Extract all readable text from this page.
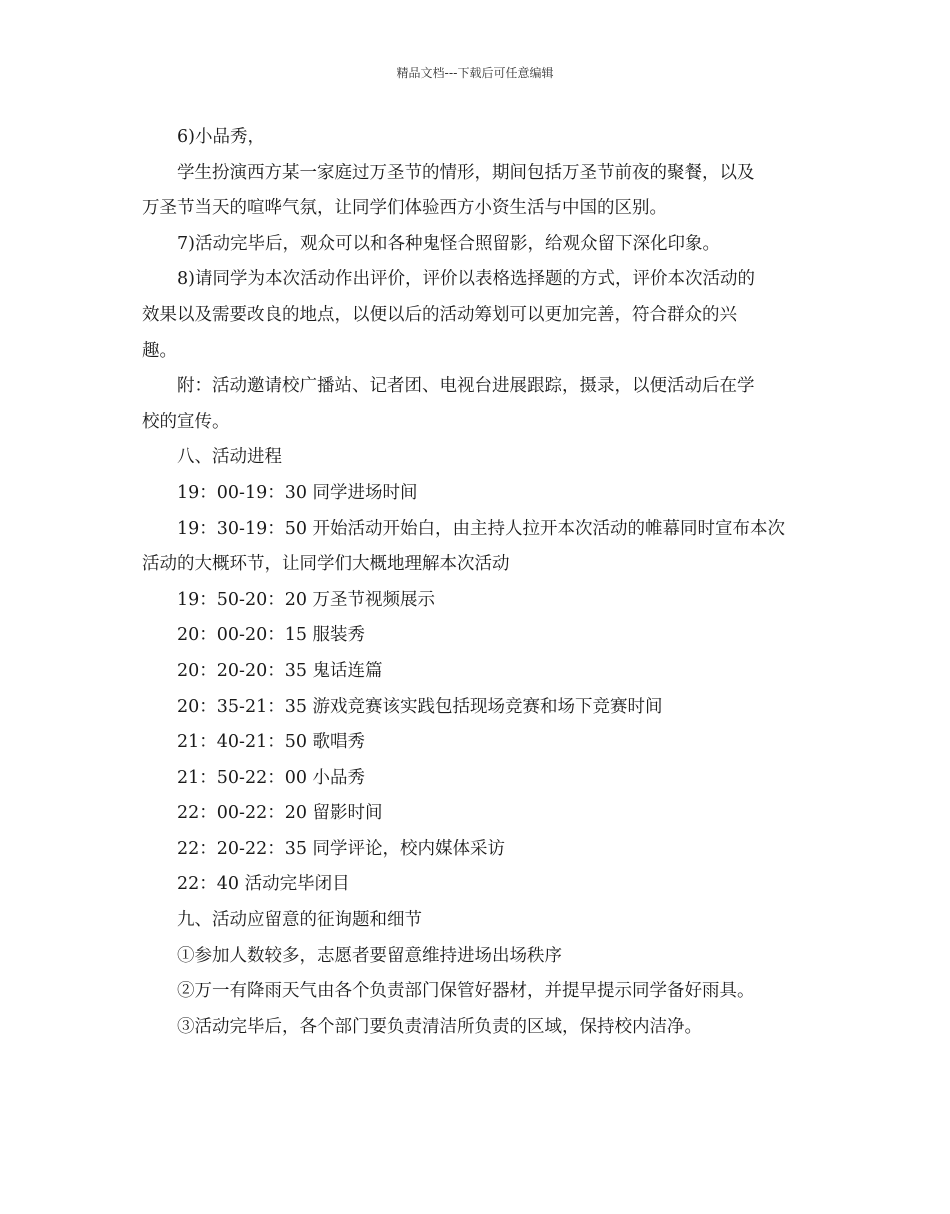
精品文档---下载后可任意编辑

6)小品秀，

学生扮演西方某一家庭过万圣节的情形，期间包括万圣节前夜的聚餐，以及

万圣节当天的喧哗气氛，让同学们体验西方小资生活与中国的区别。

7)活动完毕后，观众可以和各种鬼怪合照留影，给观众留下深化印象。

8)请同学为本次活动作出评价，评价以表格选择题的方式，评价本次活动的

效果以及需要改良的地点，以便以后的活动筹划可以更加完善，符合群众的兴

趣。

附：活动邀请校广播站、记者团、电视台进展跟踪，摄录，以便活动后在学

校的宣传。

八、活动进程

19：00-19：30 同学进场时间

19：30-19：50 开始活动开始白，由主持人拉开本次活动的帷幕同时宣布本次

活动的大概环节，让同学们大概地理解本次活动

19：50-20：20 万圣节视频展示

20：00-20：15 服装秀

20：20-20：35 鬼话连篇

20：35-21：35 游戏竞赛该实践包括现场竞赛和场下竞赛时间

21：40-21：50 歌唱秀

21：50-22：00 小品秀

22：00-22：20 留影时间

22：20-22：35 同学评论，校内媒体采访

22：40 活动完毕闭目

九、活动应留意的征询题和细节

①参加人数较多，志愿者要留意维持进场出场秩序

②万一有降雨天气由各个负责部门保管好器材，并提早提示同学备好雨具。

③活动完毕后，各个部门要负责清洁所负责的区域，保持校内洁净。
